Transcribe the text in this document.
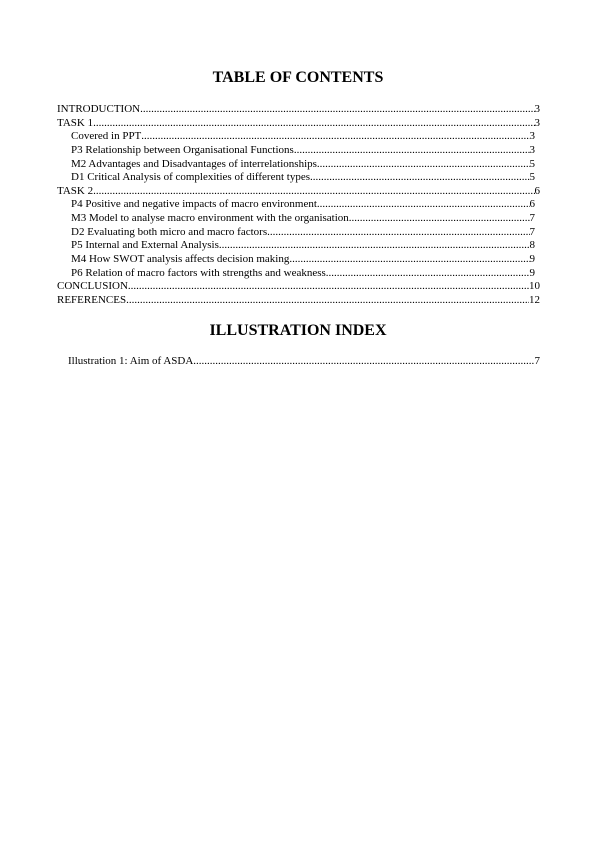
TABLE OF CONTENTS
INTRODUCTION .....	3
TASK 1 .....	3
Covered in PPT .....	3
P3 Relationship between Organisational Functions .....	3
M2 Advantages and Disadvantages of interrelationships .....	5
D1 Critical Analysis of complexities of different types .....	5
TASK 2 .....	6
P4 Positive and negative impacts of macro environment .....	6
M3 Model to analyse macro environment with the organisation .....	7
D2 Evaluating both micro and macro factors .....	7
P5 Internal and External Analysis .....	8
M4 How SWOT analysis affects decision making .....	9
P6 Relation of macro factors with strengths and weakness .....	9
CONCLUSION .....	10
REFERENCES .....	12
ILLUSTRATION INDEX
Illustration 1: Aim of ASDA .....	7
